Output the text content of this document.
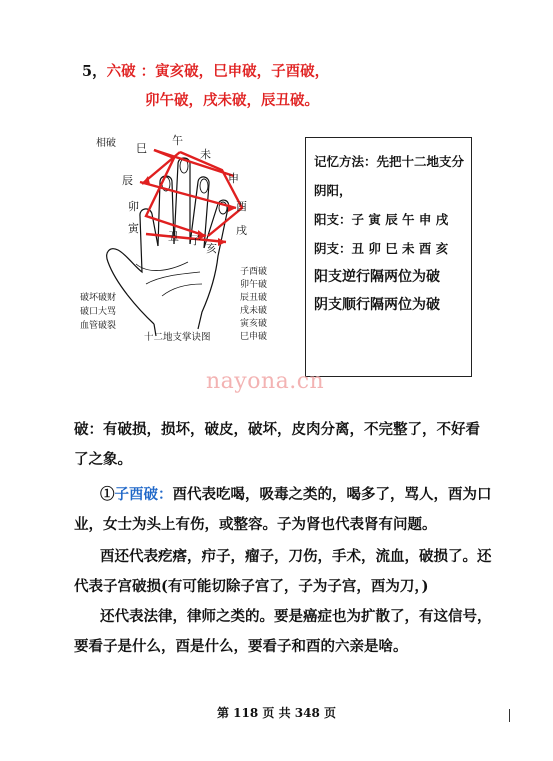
5，六破 ：寅亥破，巳申破，子酉破，
卯午破，戌未破，辰丑破。
相破 巳
午
未
辰	申
卯	酉
寅	戌
丑 子
亥
破坏破财
破口大骂
血管破裂
子酉破
卯午破
辰丑破
戌未破
寅亥破
巳申破
十二地支掌诀图
记忆方法：先把十二地支分
阴阳，
阳支：子 寅 辰 午 申 戌
阴支：丑 卯 巳 未 酉 亥
阳支逆行隔两位为破
阴支顺行隔两位为破
nayona.cn
破：有破损，损坏，破皮，破坏，皮肉分离，不完整了，不好看了之象。
①子酉破：酉代表吃喝，吸毒之类的，喝多了，骂人，酉为口业，女士为头上有伤，或整容。子为肾也代表肾有问题。
酉还代表疙瘩，疖子，瘤子，刀伤，手术，流血，破损了。还代表子宫破损(有可能切除子宫了，子为子宫，酉为刀，)
还代表法律，律师之类的。要是癌症也为扩散了，有这信号，要看子是什么，酉是什么，要看子和酉的六亲是啥。
第 118 页 共 348 页
